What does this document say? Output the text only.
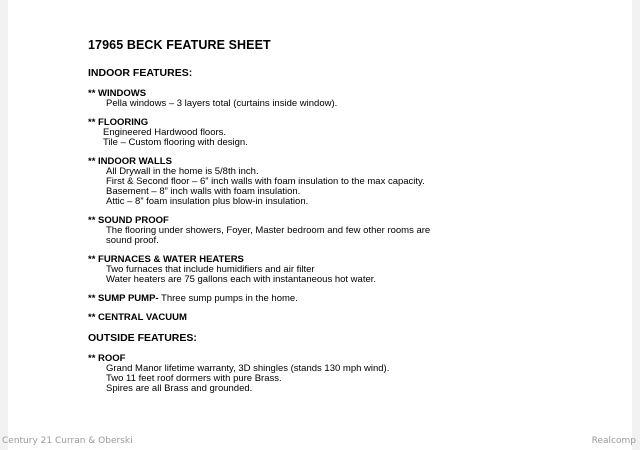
17965 BECK FEATURE SHEET
INDOOR FEATURES:
** WINDOWS
Pella windows – 3 layers total (curtains inside window).
** FLOORING
Engineered Hardwood floors.
Tile – Custom flooring with design.
** INDOOR WALLS
All Drywall in the home is 5/8th inch.
First & Second floor – 6” inch walls with foam insulation to the max capacity.
Basement – 8” inch walls with foam insulation.
Attic – 8” foam insulation plus blow-in insulation.
** SOUND PROOF
The flooring under showers, Foyer, Master bedroom and few other rooms are
sound proof.
** FURNACES & WATER HEATERS
Two furnaces that include humidifiers and air filter
Water heaters are 75 gallons each with instantaneous hot water.
** SUMP PUMP- Three sump pumps in the home.
** CENTRAL VACUUM
OUTSIDE FEATURES:
** ROOF
Grand Manor lifetime warranty, 3D shingles (stands 130 mph wind).
Two 11 feet roof dormers with pure Brass.
Spires are all Brass and grounded.
Century 21 Curran & Oberski	Realcomp
